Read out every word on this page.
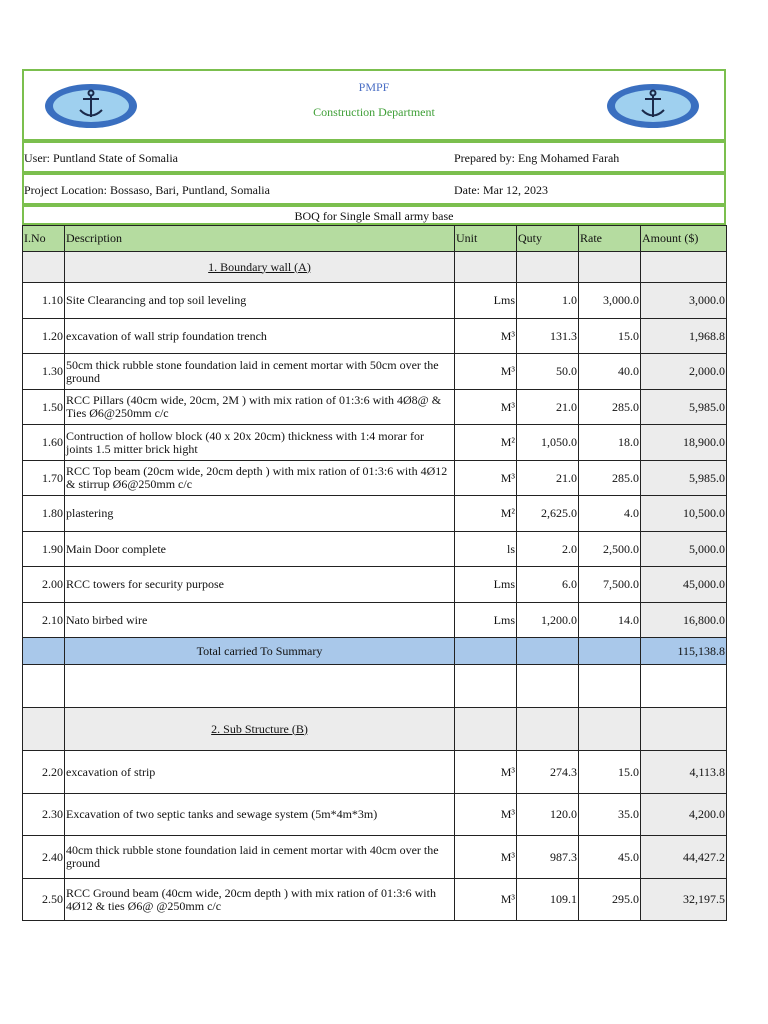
PMPF
Construction Department
User: Puntland State of Somalia	Prepared by: Eng Mohamed Farah
Project Location: Bossaso, Bari, Puntland, Somalia	Date: Mar 12, 2023
BOQ for Single Small army base
I.No	Description	Unit	Quty	Rate	Amount ($)
	1. Boundary wall (A)				
1.10	Site Clearancing and top soil leveling	Lms	1.0	3,000.0	3,000.0
1.20	excavation of wall strip foundation trench	M³	131.3	15.0	1,968.8
1.30	50cm thick rubble stone foundation laid in cement mortar with 50cm over the ground	M³	50.0	40.0	2,000.0
1.50	RCC Pillars (40cm wide, 20cm, 2M ) with mix ration of 01:3:6 with 4Ø8@ & Ties Ø6@250mm c/c	M³	21.0	285.0	5,985.0
1.60	Contruction of hollow block (40 x 20x 20cm) thickness with 1:4 morar for joints 1.5 mitter brick hight	M²	1,050.0	18.0	18,900.0
1.70	RCC Top beam (20cm wide, 20cm depth ) with mix ration of 01:3:6 with 4Ø12 & stirrup Ø6@250mm c/c	M³	21.0	285.0	5,985.0
1.80	plastering	M²	2,625.0	4.0	10,500.0
1.90	Main Door complete	ls	2.0	2,500.0	5,000.0
2.00	RCC towers for security purpose	Lms	6.0	7,500.0	45,000.0
2.10	Nato birbed wire	Lms	1,200.0	14.0	16,800.0
	Total carried To Summary				115,138.8

	2. Sub Structure (B)				
2.20	excavation of strip	M³	274.3	15.0	4,113.8
2.30	Excavation of two septic tanks and sewage system (5m*4m*3m)	M³	120.0	35.0	4,200.0
2.40	40cm thick rubble stone foundation laid in cement mortar with 40cm over the ground	M³	987.3	45.0	44,427.2
2.50	RCC Ground beam (40cm wide, 20cm depth ) with mix ration of 01:3:6 with 4Ø12 & ties Ø6@ @250mm c/c	M³	109.1	295.0	32,197.5
